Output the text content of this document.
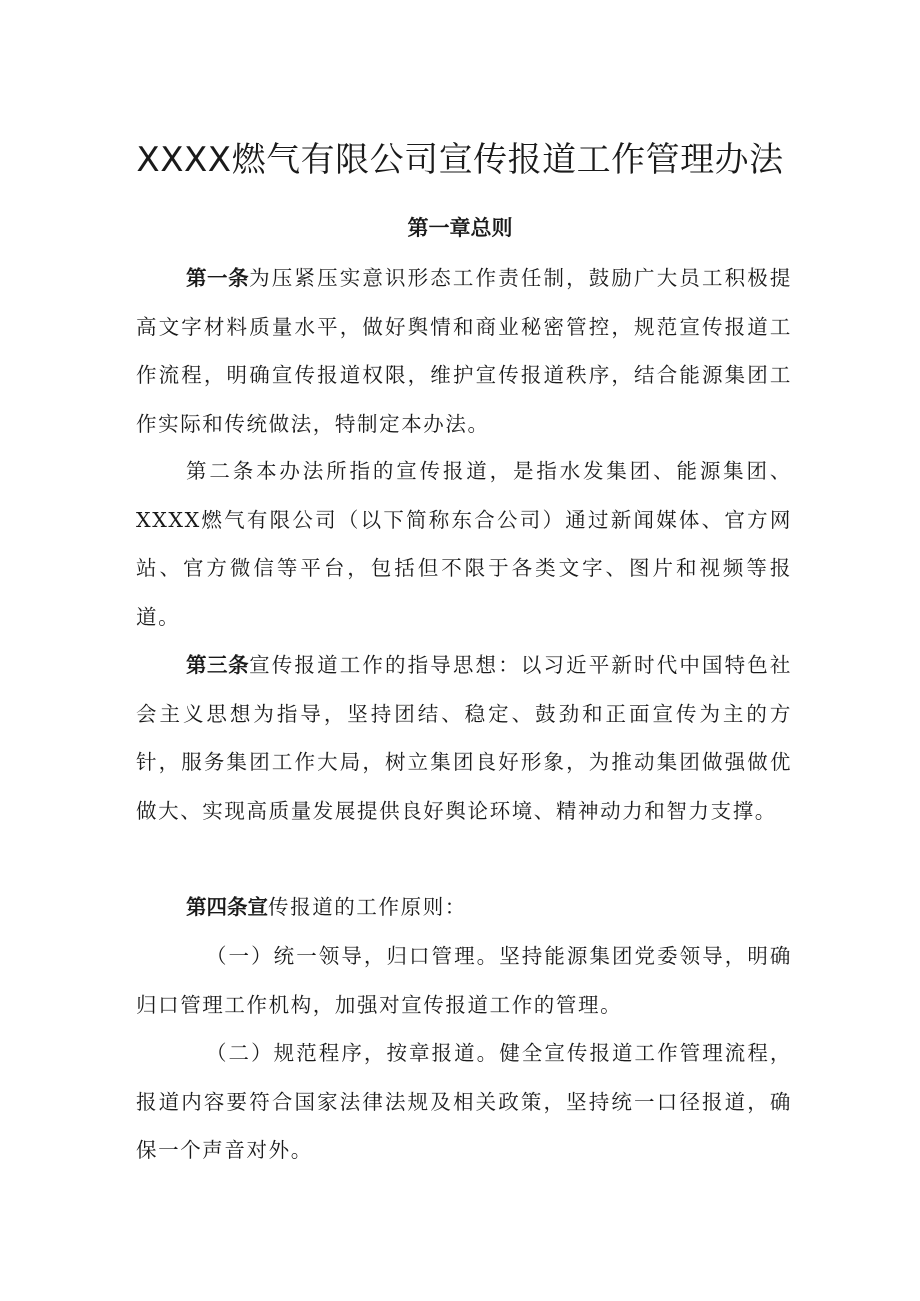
XXXX燃气有限公司宣传报道工作管理办法
第一章总则

第一条为压紧压实意识形态工作责任制，鼓励广大员工积极提高文字材料质量水平，做好舆情和商业秘密管控，规范宣传报道工作流程，明确宣传报道权限，维护宣传报道秩序，结合能源集团工作实际和传统做法，特制定本办法。

第二条本办法所指的宣传报道，是指水发集团、能源集团、XXXX燃气有限公司（以下简称东合公司）通过新闻媒体、官方网站、官方微信等平台，包括但不限于各类文字、图片和视频等报道。

第三条宣传报道工作的指导思想：以习近平新时代中国特色社会主义思想为指导，坚持团结、稳定、鼓劲和正面宣传为主的方针，服务集团工作大局，树立集团良好形象，为推动集团做强做优做大、实现高质量发展提供良好舆论环境、精神动力和智力支撑。

第四条宣传报道的工作原则：

（一）统一领导，归口管理。坚持能源集团党委领导，明确归口管理工作机构，加强对宣传报道工作的管理。

（二）规范程序，按章报道。健全宣传报道工作管理流程，报道内容要符合国家法律法规及相关政策，坚持统一口径报道，确保一个声音对外。
